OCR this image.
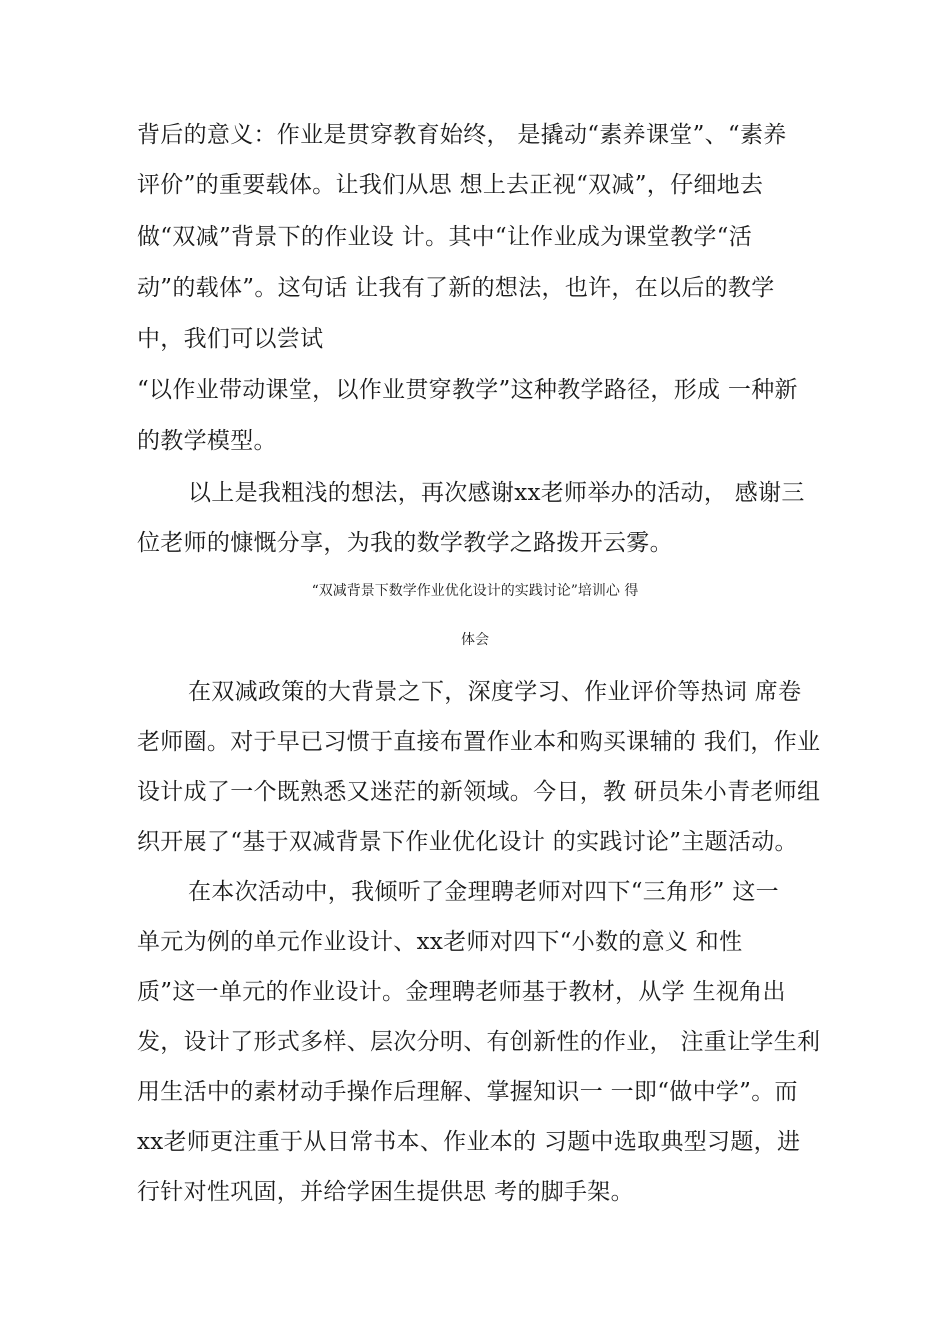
背后的意义：作业是贯穿教育始终， 是撬动“素养课堂”、“素养
评价”的重要载体。让我们从思 想上去正视“双减”，仔细地去
做“双减”背景下的作业设 计。其中“让作业成为课堂教学“活
动”的载体”。这句话 让我有了新的想法，也许，在以后的教学
中，我们可以尝试
“以作业带动课堂，以作业贯穿教学”这种教学路径，形成 一种新
的教学模型。
以上是我粗浅的想法，再次感谢xx老师举办的活动， 感谢三
位老师的慷慨分享，为我的数学教学之路拨开云雾。
“双减背景下数学作业优化设计的实践讨论”培训心 得
体会
在双减政策的大背景之下，深度学习、作业评价等热词 席卷
老师圈。对于早已习惯于直接布置作业本和购买课辅的 我们，作业
设计成了一个既熟悉又迷茫的新领域。今日，教 研员朱小青老师组
织开展了“基于双减背景下作业优化设计 的实践讨论”主题活动。
在本次活动中，我倾听了金理聘老师对四下“三角形” 这一
单元为例的单元作业设计、xx老师对四下“小数的意义 和性
质”这一单元的作业设计。金理聘老师基于教材，从学 生视角出
发，设计了形式多样、层次分明、有创新性的作业， 注重让学生利
用生活中的素材动手操作后理解、掌握知识一 一即“做中学”。而
xx老师更注重于从日常书本、作业本的 习题中选取典型习题，进
行针对性巩固，并给学困生提供思 考的脚手架。
